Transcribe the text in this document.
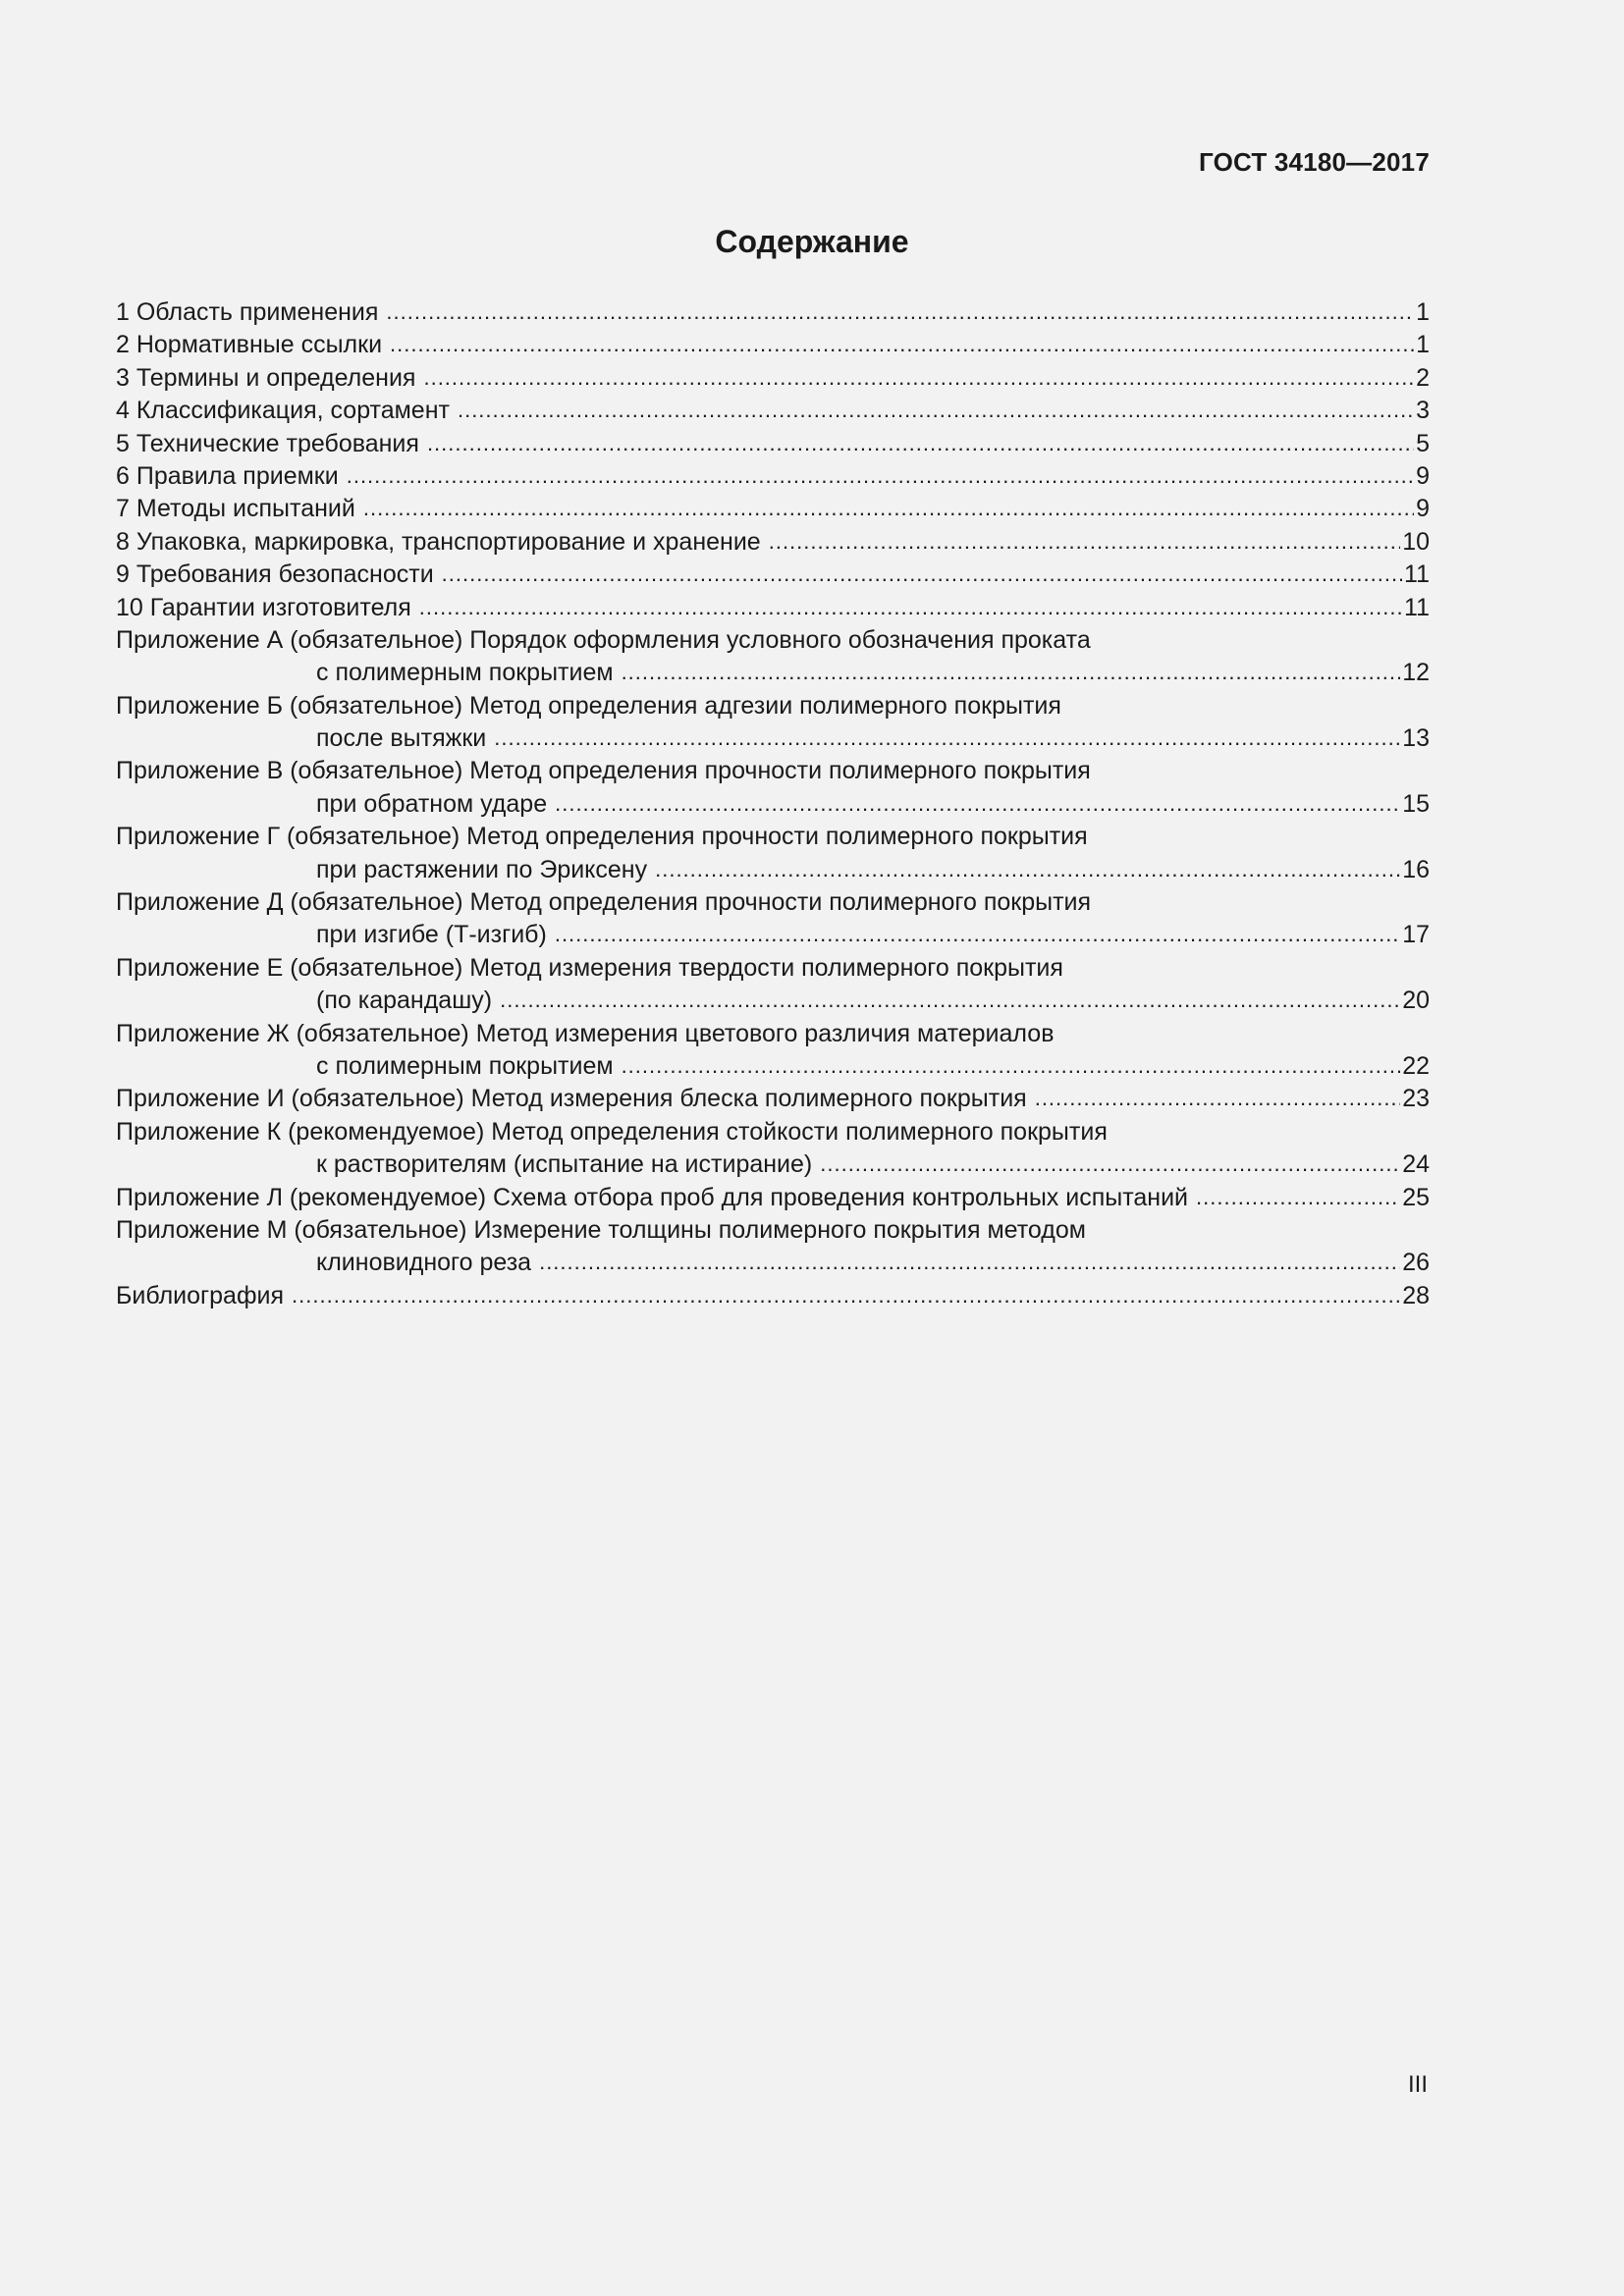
ГОСТ 34180—2017
Содержание
1 Область применения .....	1
2 Нормативные ссылки .....	1
3 Термины и определения .....	2
4 Классификация, сортамент .....	3
5 Технические требования .....	5
6 Правила приемки .....	9
7 Методы испытаний .....	9
8 Упаковка, маркировка, транспортирование и хранение .....	10
9 Требования безопасности .....	11
10 Гарантии изготовителя .....	11
Приложение А (обязательное) Порядок оформления условного обозначения проката
с полимерным покрытием .....	12
Приложение Б (обязательное) Метод определения адгезии полимерного покрытия
после вытяжки .....	13
Приложение В (обязательное) Метод определения прочности полимерного покрытия
при обратном ударе .....	15
Приложение Г (обязательное) Метод определения прочности полимерного покрытия
при растяжении по Эриксену .....	16
Приложение Д (обязательное) Метод определения прочности полимерного покрытия
при изгибе (Т-изгиб) .....	17
Приложение Е (обязательное) Метод измерения твердости полимерного покрытия
(по карандашу) .....	20
Приложение Ж (обязательное) Метод измерения цветового различия материалов
с полимерным покрытием .....	22
Приложение И (обязательное) Метод измерения блеска полимерного покрытия .....	23
Приложение К (рекомендуемое) Метод определения стойкости полимерного покрытия
к растворителям (испытание на истирание) .....	24
Приложение Л (рекомендуемое) Схема отбора проб для проведения контрольных испытаний .....	25
Приложение М (обязательное) Измерение толщины полимерного покрытия методом
клиновидного реза .....	26
Библиография .....	28
III
